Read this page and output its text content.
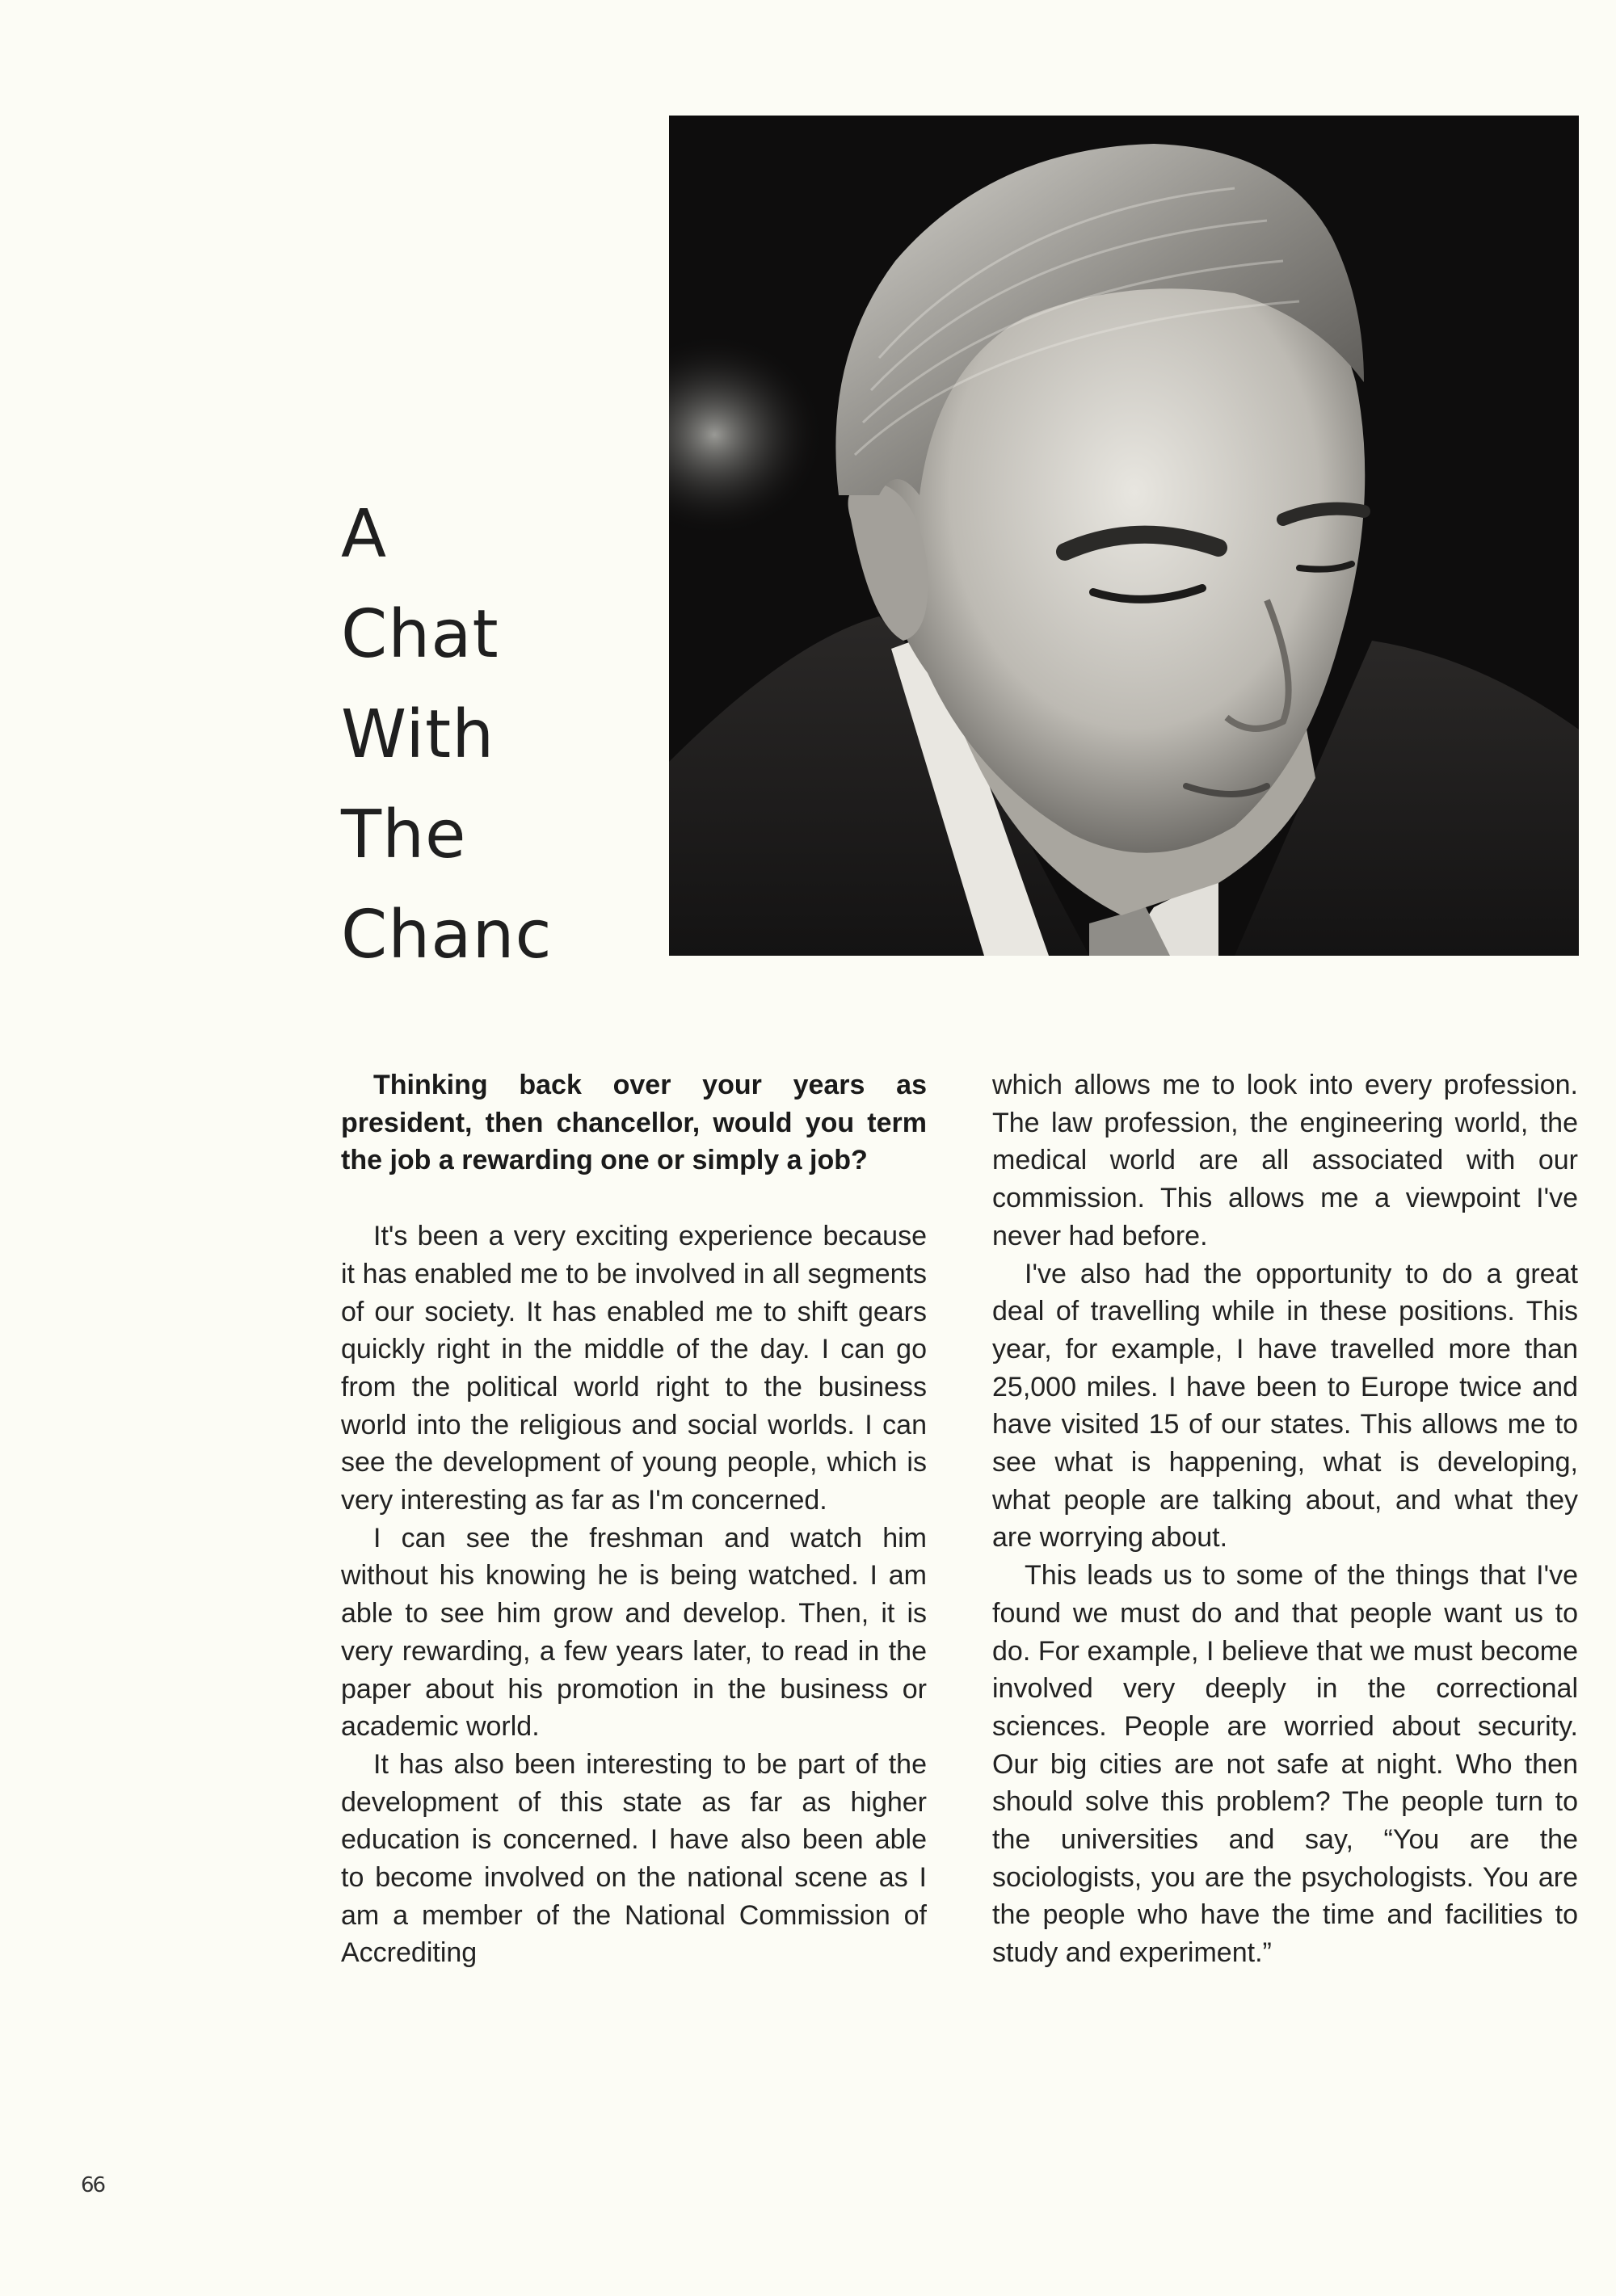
A
Chat
With
The
Chanc

Thinking back over your years as president, then chancellor, would you term the job a rewarding one or simply a job?

It's been a very exciting experience because it has enabled me to be involved in all segments of our society. It has enabled me to shift gears quickly right in the middle of the day. I can go from the political world right to the business world into the religious and social worlds. I can see the development of young people, which is very interesting as far as I'm concerned.

I can see the freshman and watch him without his knowing he is being watched. I am able to see him grow and develop. Then, it is very rewarding, a few years later, to read in the paper about his promotion in the business or academic world.

It has also been interesting to be part of the development of this state as far as higher education is concerned. I have also been able to become involved on the national scene as I am a member of the National Commission of Accrediting

which allows me to look into every profession. The law profession, the engineering world, the medical world are all associated with our commission. This allows me a viewpoint I've never had before.

I've also had the opportunity to do a great deal of travelling while in these positions. This year, for example, I have travelled more than 25,000 miles. I have been to Europe twice and have visited 15 of our states. This allows me to see what is happening, what is developing, what people are talking about, and what they are worrying about.

This leads us to some of the things that I've found we must do and that people want us to do. For example, I believe that we must become involved very deeply in the correctional sciences. People are worried about security. Our big cities are not safe at night. Who then should solve this problem? The people turn to the universities and say, “You are the sociologists, you are the psychologists. You are the people who have the time and facilities to study and experiment.”

66
